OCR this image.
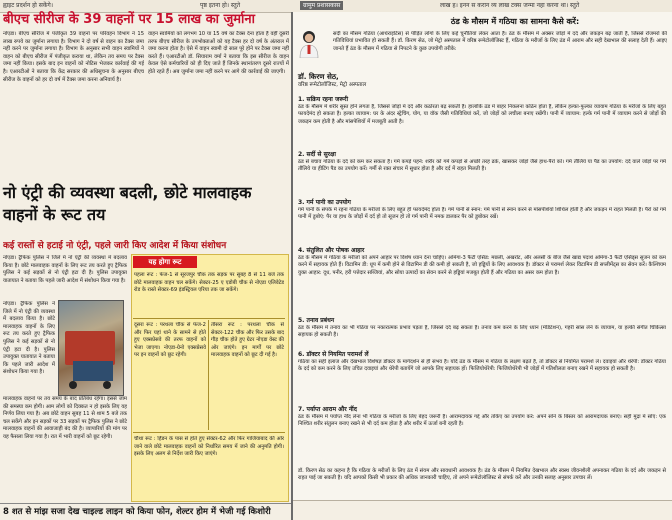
ह्वाइट प्रदर्शन हो सकेंगे।	पृष्ठ इतना हो। स्तुते	ग्रामुम प्रशासकास	लाख ह। इनन स करान व्य लाख टक्स जन्मा नहा करना था। स्तुते
बीएच सीरीज के 39 वाहनों पर 15 लाख का जुर्माना
नोएडा। बीएच सीरीज में पंजीकृत 39 वाहनों पर परिवहन विभाग ने 15 लाख रुपये का जुर्माना लगाया है। विभाग ने दो वर्ष से वाहन का टैक्स जमा नहीं करने पर जुर्माना लगाया है। विभाग के अनुसार सभी वाहन स्वामियों ने वाहन को बीएच सीरीज में पंजीकृत कराया था, लेकिन तय समय पर टैक्स जमा नहीं किया। इसके बाद इन वाहनों को नोटिस भेजकर कार्रवाई की गई है। एआरटीओ ने बताया कि केंद्र सरकार की अधिसूचना के अनुसार बीएच सीरीज के वाहनों को हर दो वर्ष में टैक्स जमा करना अनिवार्य है।
वाहन स्वामियों को लगभग 10 या 15 वर्ष का टैक्स देना होता है वहीं दूसरी तरफ बीएच सीरीज के उपभोक्ताओं को यह टैक्स हर दो वर्ष के अंतराल में जमा करना होता है। ऐसे में वाहन स्वामी दो साल पूरे होने पर टैक्स जमा नहीं करते हैं। एआरटीओ डॉ. सियाराम वर्मा ने बताया कि इस सीरीज के वाहन केवल ऐसे कर्मचारियों को ही दिए जाते हैं जिनके स्थानांतरण दूसरे राज्यों में होते रहते हैं। अब जुर्माना जमा नहीं करने पर आगे की कार्रवाई की जाएगी।
नो एंट्री की व्यवस्था बदली, छोटे मालवाहक वाहनों के रूट तय
कई रास्तों से हटाई नो एंट्री, पहले जारी किए आदेश में किया संशोधन
नोएडा। ट्रैफिक पुलिस ने जिले में नो एंट्री की व्यवस्था में बदलाव किया है। छोटे मालवाहक वाहनों के लिए रूट तय करते हुए ट्रैफिक पुलिस ने कई सड़कों से नो एंट्री हटा दी है। पुलिस उपायुक्त यातायात ने बताया कि पहले जारी आदेश में संशोधन किया गया है।
नोएडा। ट्रैफिक पुलिस ने जिले में नो एंट्री की व्यवस्था में बदलाव किया है। छोटे मालवाहक वाहनों के लिए रूट तय करते हुए ट्रैफिक पुलिस ने कई सड़कों से नो एंट्री हटा दी है। पुलिस उपायुक्त यातायात ने बताया कि पहले जारी आदेश में संशोधन किया गया है।
मालवाहक वाहनों पर तय समय के बाद प्रतिबंध रहेगा। इससे जाम की समस्या कम होगी। आम लोगों को दिक्कत न हो इसके लिए यह निर्णय लिया गया है। अब छोटे वाहन सुबह 11 से शाम 5 बजे तक चल सकेंगे और इन सड़कों पर 33 सड़कों पर ट्रैफिक पुलिस ने छोटे मालवाहक वाहनों की आवाजाही बंद की है। व्यापारियों की मांग पर यह फैसला लिया गया है। रात में भारी वाहनों को छूट रहेगी।
यह होगा रूट
पहला रूट : फेज-1 से सूरजपुर चौक तक सड़क पर सुबह 8 से 11 बजे तक छोटे मालवाहक वाहन चल सकेंगे। सेक्टर-25 ए एडोबी चौक से नोएडा एलिवेटेड रोड के रास्ते सेक्टर-69 इंडस्ट्रियल एरिया तक जा सकेंगे।
दूसरा रूट : परथला चौक से फेज-2 और फिर यहां थाने के सामने से होते हुए एक्सप्रेसवे की तरफ वाहनों को भेजा जाएगा। नोएडा-ग्रेनो एक्सप्रेसवे पर इन वाहनों को छूट रहेगी।
तीसरा रूट : परथला चौक से सेक्टर-122 चौक और फिर उसके बाद गौड़ चौक होते हुए ग्रेटर नोएडा वेस्ट की ओर जाएंगे। इन मार्गों पर छोटे मालवाहक वाहनों को छूट दी गई है।
चौथा रूट : हिंडन के पास से होते हुए सेक्टर-62 और फिर गाजियाबाद की ओर जाने वाले छोटे मालवाहक वाहनों को निर्धारित समय में जाने की अनुमति होगी। इसके लिए अलग से निर्देश जारी किए जाएंगे।
8 शत से मांझ सजा देख चाइल्ड लाइन को किया फोन, शेल्टर होम में भेजी गई किशोरी
ठंड के मौसम में गठिया का सामना कैसे करें:
सर्दी का मौसम गठिया (आर्थराइटिस) से पीड़ित लोगों के लिए कई चुनौतियां लेकर आता है। ठंड के मौसम में अक्सर जोड़ों में दर्द और जकड़न बढ़ जाती है, जिससे रोजमर्रा की गतिविधियां प्रभावित हो सकती हैं। डॉ. किरण सेठ, जो मेट्रो अस्पताल में वरिष्ठ रूमेटोलॉजिस्ट हैं, गठिया के मरीजों के लिए ठंड में आराम और सही देखभाल की सलाह देती हैं। आइए जानते हैं ठंड के मौसम में गठिया से निपटने के कुछ उपयोगी तरीके:
डॉ. किरण सेठ,
वरिष्ठ रूमेटोलॉजिस्ट, मेट्रो अस्पताल
1. सक्रिय रहना जरूरी
ठंड के मौसम में शरीर सुस्त होने लगता है, जिससे जोड़ों में दर्द और कठोरता बढ़ सकती है। हालांकि ठंड में बाहर निकलना कठिन होता है, लेकिन हल्का-फुल्का व्यायाम गठिया के मरीजों के लिए बहुत फायदेमंद हो सकता है। हल्का व्यायाम: घर के अंदर स्ट्रेचिंग, योग, या वॉक जैसी गतिविधियां करें, जो जोड़ों को लचीला बनाए रखेंगी। पानी में व्यायाम: हल्के गर्म पानी में व्यायाम करने से जोड़ों की जकड़न कम होती है और मांसपेशियों में मजबूती आती है।
2. सर्दी से सुरक्षा
ठंड से बचाव गठिया के दर्द को कम कर सकता है। गर्म कपड़े पहनें: शरीर को गर्म कपड़ों से अच्छी तरह ढकें, खासकर जोड़ों जैसे हाथ-पैरों को। गर्म तौलिये या पैड का उपयोग: दर्द वाले जोड़ों पर गर्म तौलिये या हीटिंग पैड का उपयोग करें। गर्मी से रक्त संचार में सुधार होता है और दर्द में राहत मिलती है।
3. गर्म पानी का उपयोग
गर्म पानी के संपर्क में रहना गठिया के मरीजों के लिए बहुत ही फायदेमंद होता है। गर्म पानी से स्नान: गर्म पानी से स्नान करने से मांसपेशियों शिथिल होती हैं और जकड़न में राहत मिलती है। पैरों को गर्म पानी में डुबोएं: पैर या हाथ के जोड़ों में दर्द हो तो सूजन हो तो गर्म पानी में नमक डालकर पैर को डुबोकर रखें।
4. संतुलित और पोषक आहार
ठंड के मौसम में गठिया के मरीजों को अपने आहार पर विशेष ध्यान देना चाहिए। ओमेगा-3 फैटी एसिड: मछली, अखरोट, और अलसी के बीज जैसे खाद्य पदार्थ ओमेगा-3 फैटी एसिड्स सूजन को कम करने में सहायक होते हैं। विटामिन डी: धूप में कमी होने से विटामिन डी की कमी हो सकती है, जो हड्डियों के लिए आवश्यक है। डॉक्टर से परामर्श लेकर विटामिन डी सप्लीमेंट्स का सेवन करें। कैल्शियम युक्त आहार: दूध, पनीर, हरी पत्तेदार सब्जियां, और सोया उत्पादों का सेवन करने से हड्डियां मजबूत होती हैं और गठिया का असर कम होता है।
5. तनाव प्रबंधन
ठंड के मौसम में तनाव का भी गठिया पर नकारात्मक प्रभाव पड़ता है, जिससे दर्द बढ़ सकता है। तनाव कम करने के लिए ध्यान (मेडिटेशन), गहरी सांस लेने के व्यायाम, या हल्की संगीत चिकित्सा सहायक हो सकती है।
6. डॉक्टर से नियमित परामर्श लें
गठिया का सही इलाज और देखभाल विशेषज्ञ डॉक्टर के मार्गदर्शन से ही संभव है। यदि ठंड के मौसम में गठिया के लक्षण बढ़ते हैं, तो डॉक्टर से नियमित परामर्श लें। दवाइयां और थेरेपी: डॉक्टर गठिया के दर्द को कम करने के लिए उचित दवाइयां और थेरेपी बतायेंगे जो आपके लिए सहायक हों। फिजियोथेरेपी: फिजियोथेरेपी भी जोड़ों में गतिशीलता बनाए रखने में सहायक हो सकती है।
7. पर्याप्त आराम और नींद
ठंड के मौसम में पर्याप्त नींद लेना भी गठिया के मरीजों के लिए बेहद जरूरी है। आरामदायक गद्दे और तकिए का उपयोग करें: अपने सोने के बिस्तर को आरामदायक बनाएं। सही मुद्रा में सोएं: एक निश्चित शरीर संतुलन बनाए रखने से भी दर्द कम होता है और शरीर में ऊर्जा बनी रहती है।
डॉ. किरण सेठ का कहना है कि गठिया के मरीजों के लिए ठंड में संयम और सावधानी आवश्यक है। ठंड के मौसम में नियमित देखभाल और स्वस्थ जीवनशैली अपनाकर गठिया के दर्द और जकड़न से राहत पाई जा सकती है। यदि आपको किसी भी प्रकार की अधिक जानकारी चाहिए, तो अपने रूमेटोलॉजिस्ट से संपर्क करें और उनकी सलाह अनुसार उपचार लें।
